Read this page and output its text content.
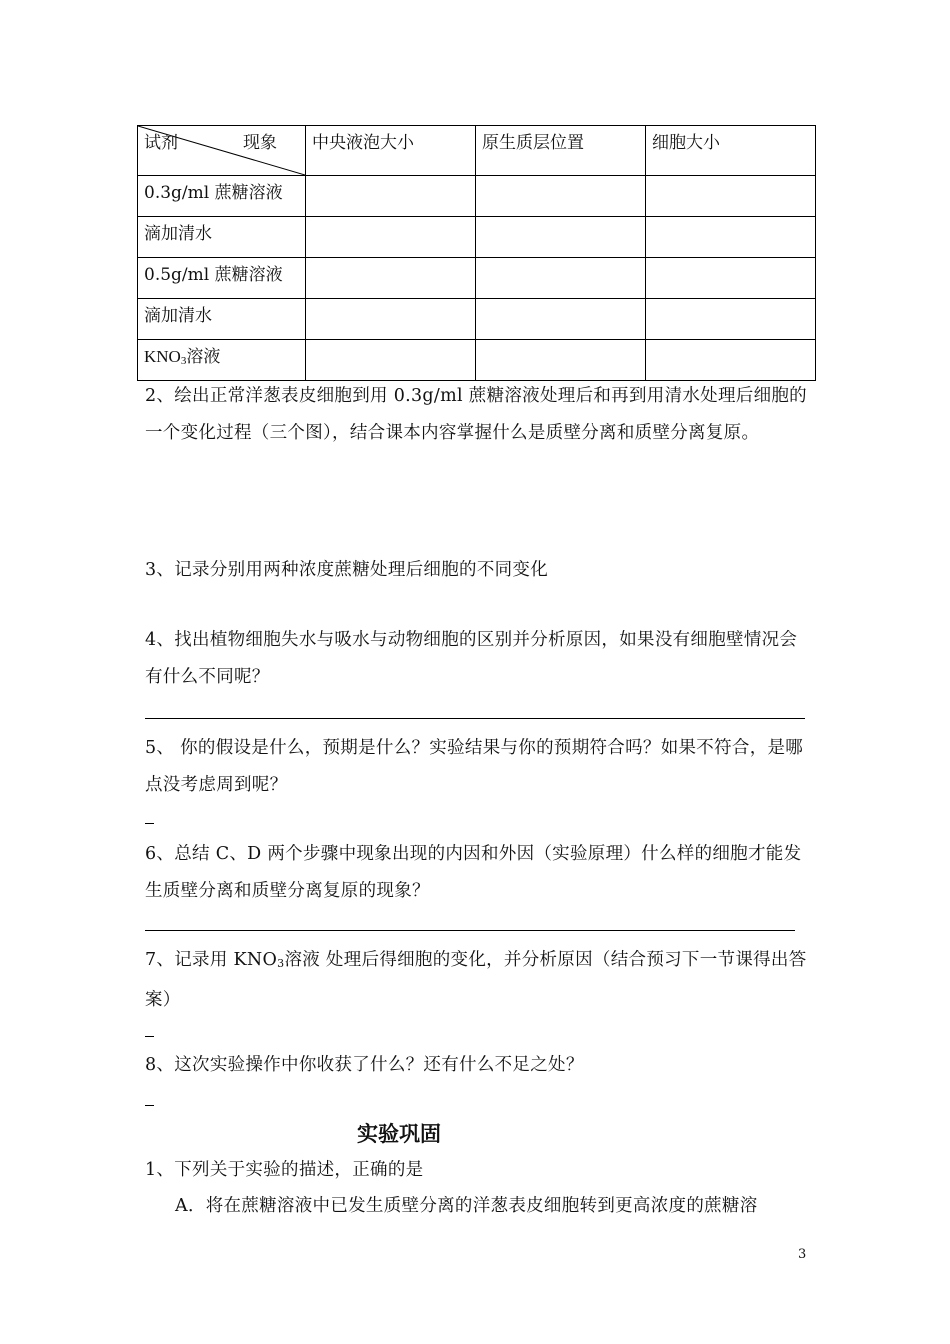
试剂 现象	中央液泡大小	原生质层位置	细胞大小
0.3g/ml 蔗糖溶液			
滴加清水			
0.5g/ml 蔗糖溶液			
滴加清水			
KNO3溶液			
2、绘出正常洋葱表皮细胞到用 0.3g/ml 蔗糖溶液处理后和再到用清水处理后细胞的一个变化过程（三个图），结合课本内容掌握什么是质壁分离和质壁分离复原。
3、记录分别用两种浓度蔗糖处理后细胞的不同变化
4、找出植物细胞失水与吸水与动物细胞的区别并分析原因，如果没有细胞壁情况会有什么不同呢？
5、 你的假设是什么，预期是什么？实验结果与你的预期符合吗？如果不符合，是哪点没考虑周到呢？
6、总结 C、D 两个步骤中现象出现的内因和外因（实验原理）什么样的细胞才能发生质壁分离和质壁分离复原的现象？
7、记录用 KNO3溶液 处理后得细胞的变化，并分析原因（结合预习下一节课得出答案）
8、这次实验操作中你收获了什么？还有什么不足之处？
实验巩固
1、下列关于实验的描述，正确的是
A．将在蔗糖溶液中已发生质壁分离的洋葱表皮细胞转到更高浓度的蔗糖溶
3
